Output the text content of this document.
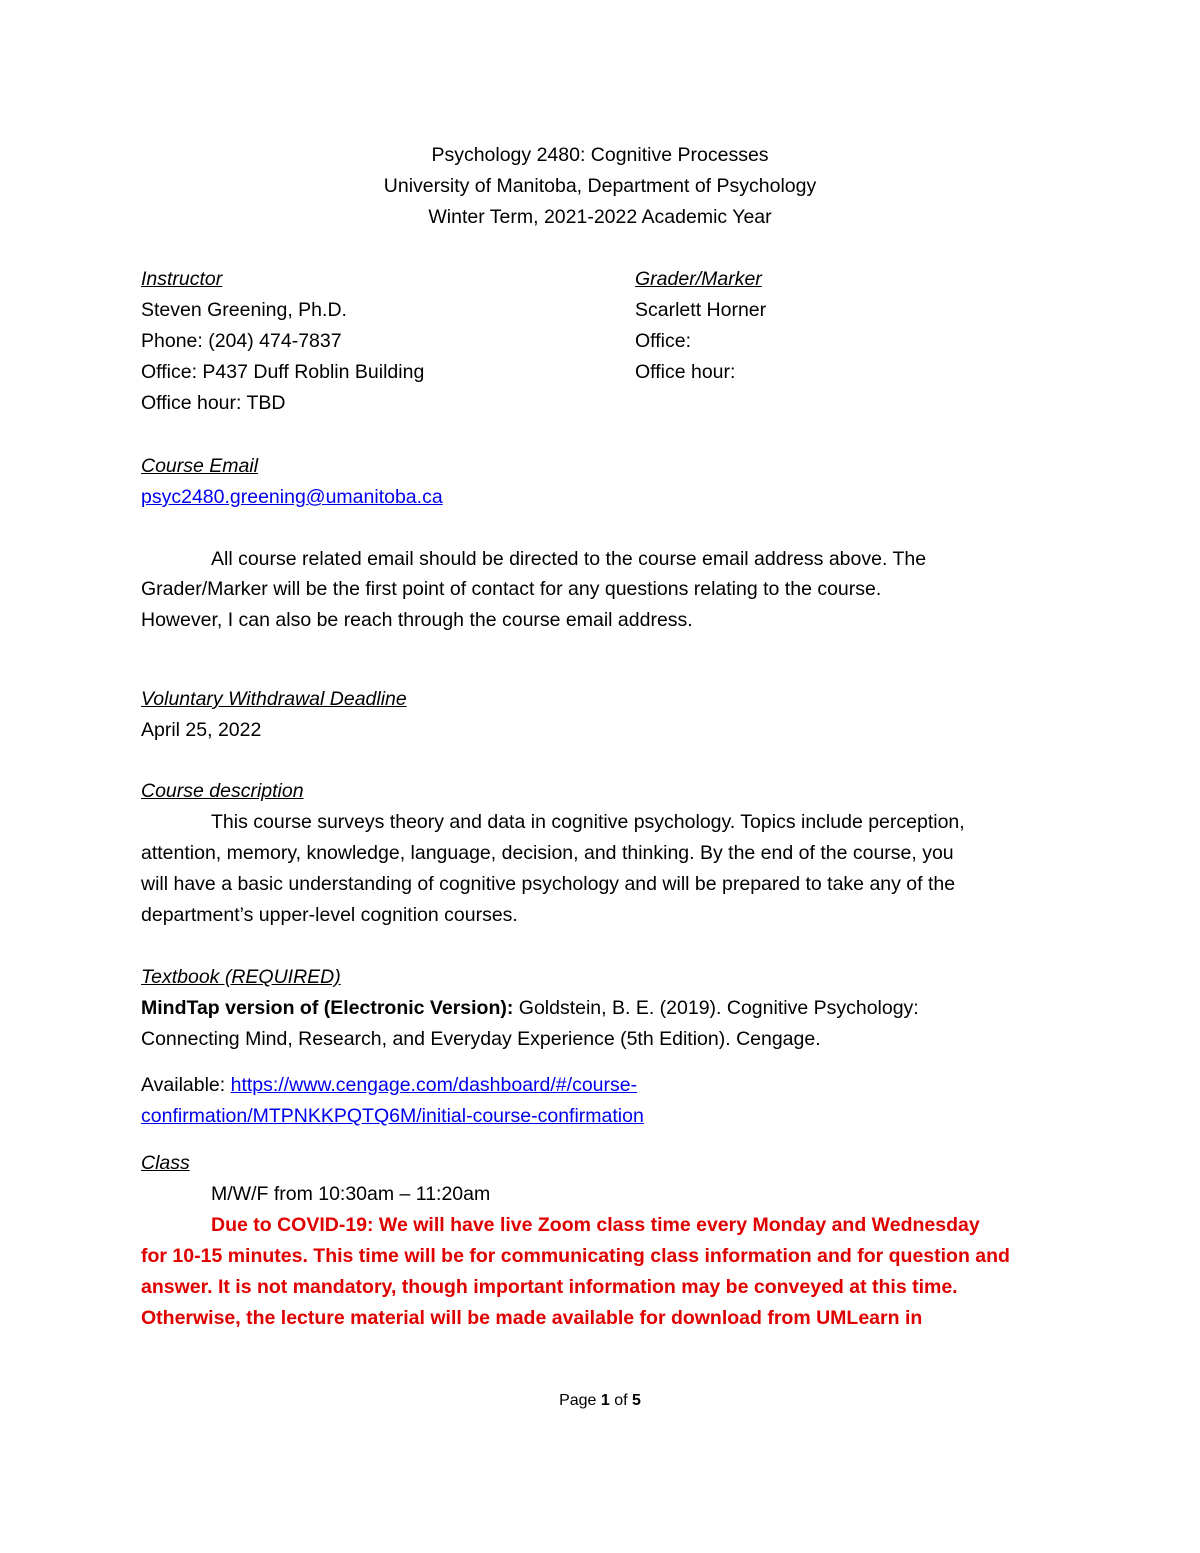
Psychology 2480: Cognitive Processes
University of Manitoba, Department of Psychology
Winter Term, 2021-2022 Academic Year
Instructor
Steven Greening, Ph.D.
Phone: (204) 474-7837
Office: P437 Duff Roblin Building
Office hour: TBD
Grader/Marker
Scarlett Horner
Office:
Office hour:
Course Email
psyc2480.greening@umanitoba.ca
All course related email should be directed to the course email address above. The
Grader/Marker will be the first point of contact for any questions relating to the course.
However, I can also be reach through the course email address.
Voluntary Withdrawal Deadline
April 25, 2022
Course description
This course surveys theory and data in cognitive psychology. Topics include perception,
attention, memory, knowledge, language, decision, and thinking. By the end of the course, you
will have a basic understanding of cognitive psychology and will be prepared to take any of the
department’s upper-level cognition courses.
Textbook (REQUIRED)
MindTap version of (Electronic Version): Goldstein, B. E. (2019). Cognitive Psychology:
Connecting Mind, Research, and Everyday Experience (5th Edition). Cengage.
Available: https://www.cengage.com/dashboard/#/course-
confirmation/MTPNKKPQTQ6M/initial-course-confirmation
Class
M/W/F from 10:30am – 11:20am
Due to COVID-19: We will have live Zoom class time every Monday and Wednesday
for 10-15 minutes. This time will be for communicating class information and for question and
answer. It is not mandatory, though important information may be conveyed at this time.
Otherwise, the lecture material will be made available for download from UMLearn in
Page 1 of 5
